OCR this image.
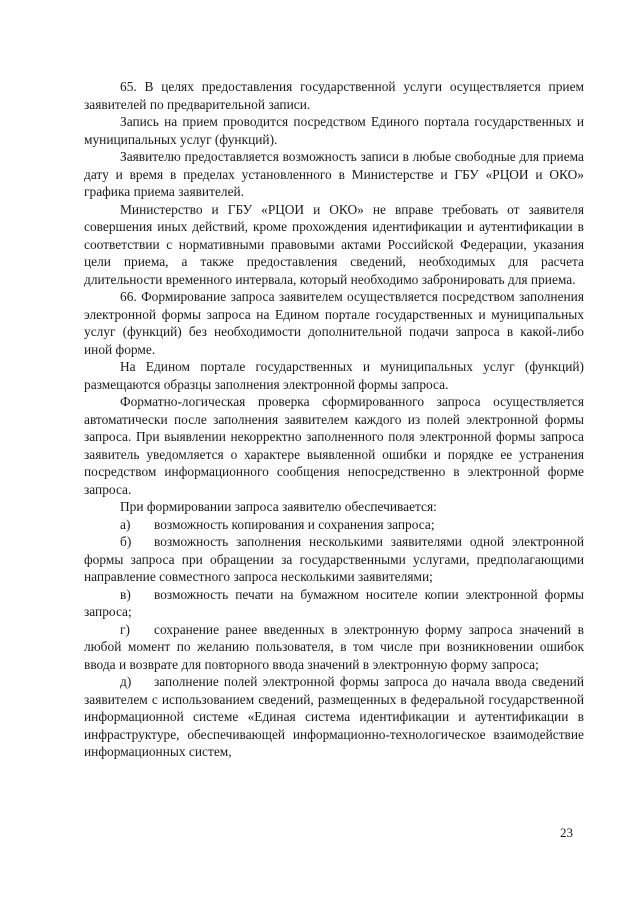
65. В целях предоставления государственной услуги осуществляется прием заявителей по предварительной записи.

Запись на прием проводится посредством Единого портала государственных и муниципальных услуг (функций).

Заявителю предоставляется возможность записи в любые свободные для приема дату и время в пределах установленного в Министерстве и ГБУ «РЦОИ и ОКО» графика приема заявителей.

Министерство и ГБУ «РЦОИ и ОКО» не вправе требовать от заявителя совершения иных действий, кроме прохождения идентификации и аутентификации в соответствии с нормативными правовыми актами Российской Федерации, указания цели приема, а также предоставления сведений, необходимых для расчета длительности временного интервала, который необходимо забронировать для приема.

66. Формирование запроса заявителем осуществляется посредством заполнения электронной формы запроса на Едином портале государственных и муниципальных услуг (функций) без необходимости дополнительной подачи запроса в какой-либо иной форме.

На Едином портале государственных и муниципальных услуг (функций) размещаются образцы заполнения электронной формы запроса.

Форматно-логическая проверка сформированного запроса осуществляется автоматически после заполнения заявителем каждого из полей электронной формы запроса. При выявлении некорректно заполненного поля электронной формы запроса заявитель уведомляется о характере выявленной ошибки и порядке ее устранения посредством информационного сообщения непосредственно в электронной форме запроса.

При формировании запроса заявителю обеспечивается:

а) возможность копирования и сохранения запроса;

б) возможность заполнения несколькими заявителями одной электронной формы запроса при обращении за государственными услугами, предполагающими направление совместного запроса несколькими заявителями;

в) возможность печати на бумажном носителе копии электронной формы запроса;

г) сохранение ранее введенных в электронную форму запроса значений в любой момент по желанию пользователя, в том числе при возникновении ошибок ввода и возврате для повторного ввода значений в электронную форму запроса;

д) заполнение полей электронной формы запроса до начала ввода сведений заявителем с использованием сведений, размещенных в федеральной государственной информационной системе «Единая система идентификации и аутентификации в инфраструктуре, обеспечивающей информационно-технологическое взаимодействие информационных систем,

23
